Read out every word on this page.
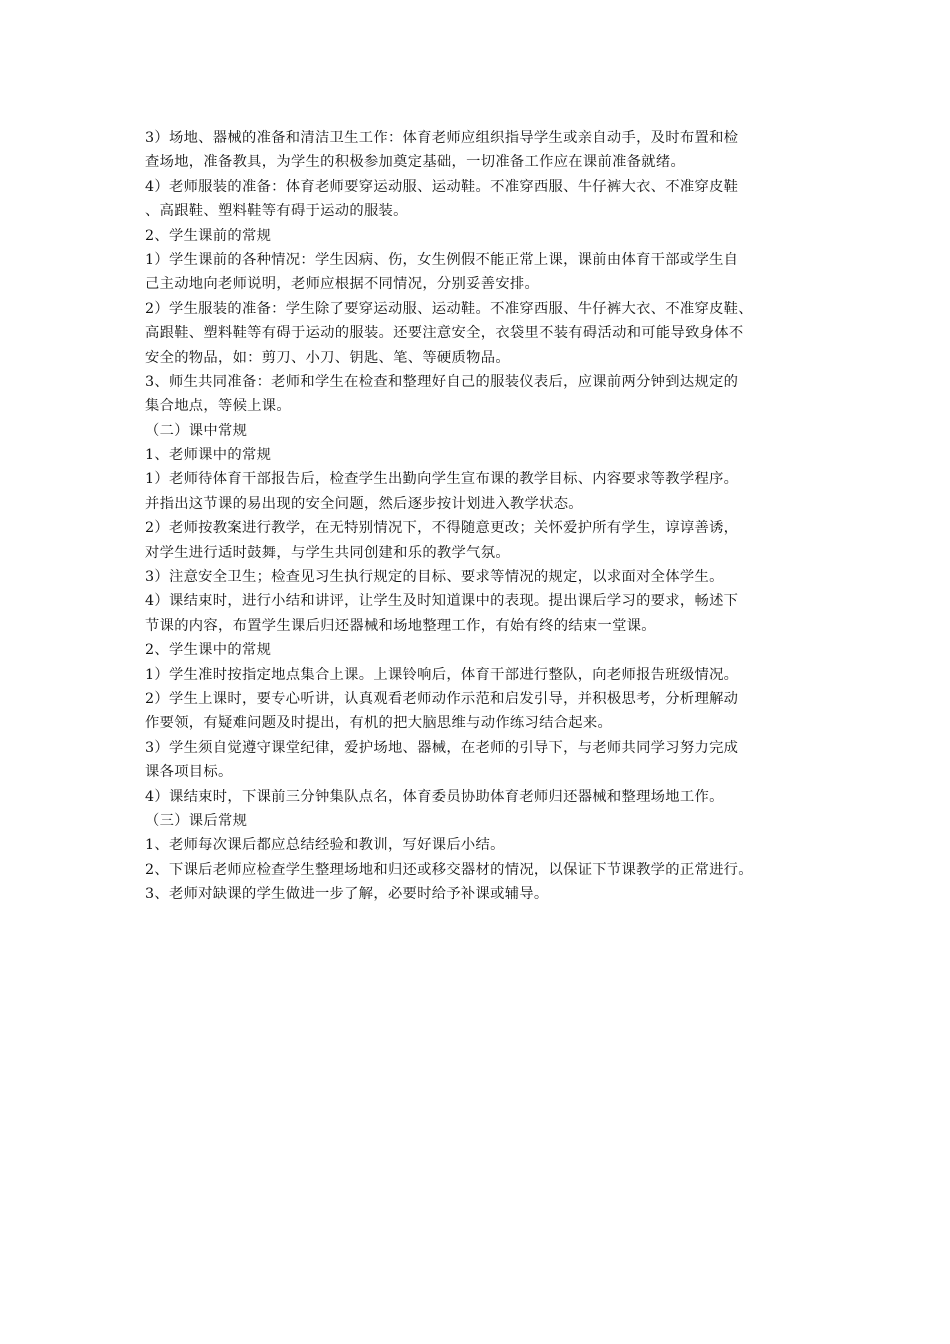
3）场地、器械的准备和清洁卫生工作：体育老师应组织指导学生或亲自动手，及时布置和检
查场地，准备教具，为学生的积极参加奠定基础，一切准备工作应在课前准备就绪。
4）老师服装的准备：体育老师要穿运动服、运动鞋。不准穿西服、牛仔裤大衣、不准穿皮鞋
、高跟鞋、塑料鞋等有碍于运动的服装。
2、学生课前的常规
1）学生课前的各种情况：学生因病、伤，女生例假不能正常上课，课前由体育干部或学生自
己主动地向老师说明，老师应根据不同情况，分别妥善安排。
2）学生服装的准备：学生除了要穿运动服、运动鞋。不准穿西服、牛仔裤大衣、不准穿皮鞋、
高跟鞋、塑料鞋等有碍于运动的服装。还要注意安全，衣袋里不装有碍活动和可能导致身体不
安全的物品，如：剪刀、小刀、钥匙、笔、等硬质物品。
3、师生共同准备：老师和学生在检查和整理好自己的服装仪表后，应课前两分钟到达规定的
集合地点，等候上课。
（二）课中常规
1、老师课中的常规
1）老师待体育干部报告后，检查学生出勤向学生宣布课的教学目标、内容要求等教学程序。
并指出这节课的易出现的安全问题，然后逐步按计划进入教学状态。
2）老师按教案进行教学，在无特别情况下，不得随意更改；关怀爱护所有学生，谆谆善诱，
对学生进行适时鼓舞，与学生共同创建和乐的教学气氛。
3）注意安全卫生；检查见习生执行规定的目标、要求等情况的规定，以求面对全体学生。
4）课结束时，进行小结和讲评，让学生及时知道课中的表现。提出课后学习的要求，畅述下
节课的内容，布置学生课后归还器械和场地整理工作，有始有终的结束一堂课。
2、学生课中的常规
1）学生准时按指定地点集合上课。上课铃响后，体育干部进行整队，向老师报告班级情况。
2）学生上课时，要专心听讲，认真观看老师动作示范和启发引导，并积极思考，分析理解动
作要领，有疑难问题及时提出，有机的把大脑思维与动作练习结合起来。
3）学生须自觉遵守课堂纪律，爱护场地、器械，在老师的引导下，与老师共同学习努力完成
课各项目标。
4）课结束时，下课前三分钟集队点名，体育委员协助体育老师归还器械和整理场地工作。
（三）课后常规
1、老师每次课后都应总结经验和教训，写好课后小结。
2、下课后老师应检查学生整理场地和归还或移交器材的情况，以保证下节课教学的正常进行。
3、老师对缺课的学生做进一步了解，必要时给予补课或辅导。
